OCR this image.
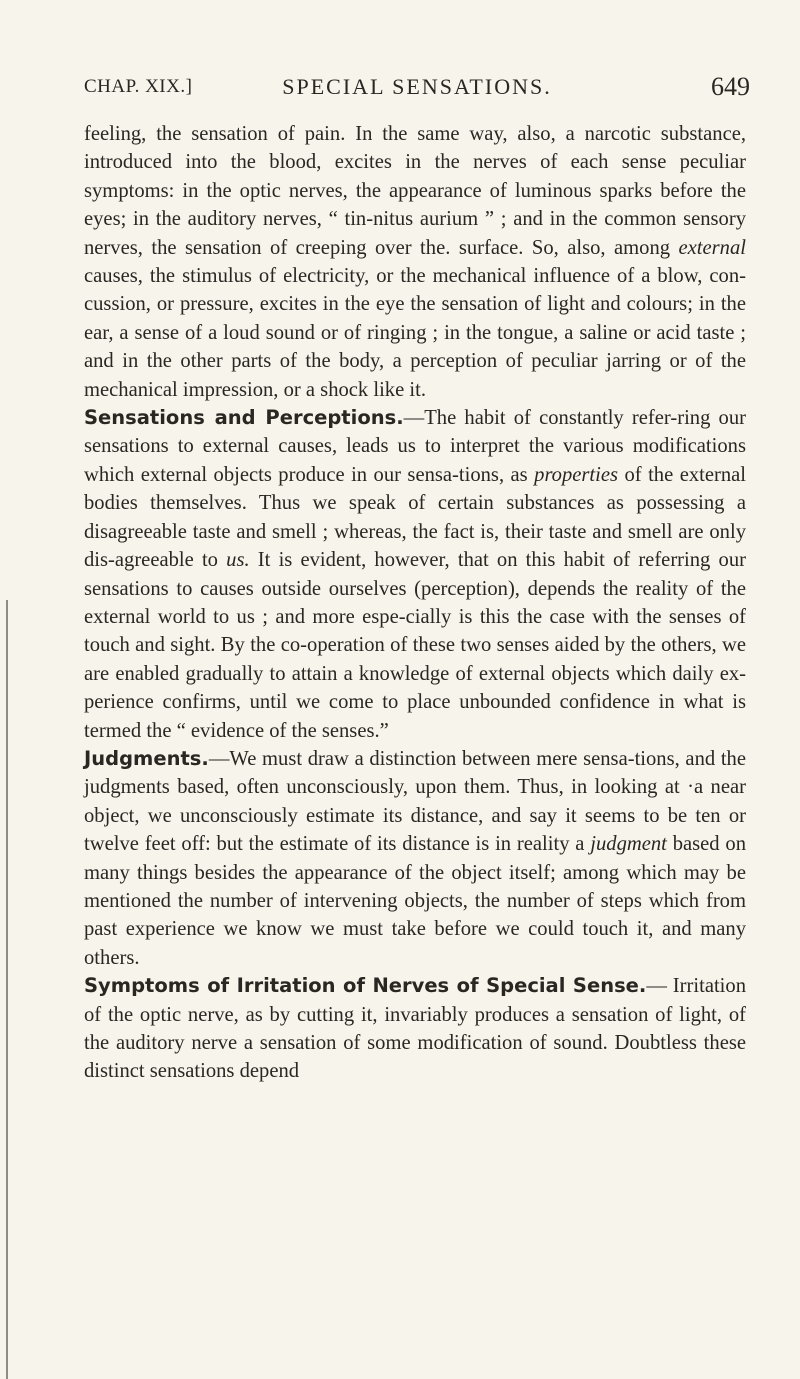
CHAP. XIX.]	SPECIAL SENSATIONS.	649

feeling, the sensation of pain. In the same way, also, a narcotic substance, introduced into the blood, excites in the nerves of each sense peculiar symptoms: in the optic nerves, the appearance of luminous sparks before the eyes; in the auditory nerves, “ tin-nitus aurium ” ; and in the common sensory nerves, the sensation of creeping over the. surface. So, also, among external causes, the stimulus of electricity, or the mechanical influence of a blow, con-cussion, or pressure, excites in the eye the sensation of light and colours; in the ear, a sense of a loud sound or of ringing ; in the tongue, a saline or acid taste ; and in the other parts of the body, a perception of peculiar jarring or of the mechanical impression, or a shock like it.

Sensations and Perceptions.—The habit of constantly refer-ring our sensations to external causes, leads us to interpret the various modifications which external objects produce in our sensa-tions, as properties of the external bodies themselves. Thus we speak of certain substances as possessing a disagreeable taste and smell ; whereas, the fact is, their taste and smell are only dis-agreeable to us. It is evident, however, that on this habit of referring our sensations to causes outside ourselves (perception), depends the reality of the external world to us ; and more espe-cially is this the case with the senses of touch and sight. By the co-operation of these two senses aided by the others, we are enabled gradually to attain a knowledge of external objects which daily ex-perience confirms, until we come to place unbounded confidence in what is termed the “ evidence of the senses.”

Judgments.—We must draw a distinction between mere sensa-tions, and the judgments based, often unconsciously, upon them. Thus, in looking at ·a near object, we unconsciously estimate its distance, and say it seems to be ten or twelve feet off: but the estimate of its distance is in reality a judgment based on many things besides the appearance of the object itself; among which may be mentioned the number of intervening objects, the number of steps which from past experience we know we must take before we could touch it, and many others.

Symptoms of Irritation of Nerves of Special Sense.— Irritation of the optic nerve, as by cutting it, invariably produces a sensation of light, of the auditory nerve a sensation of some modification of sound. Doubtless these distinct sensations depend
